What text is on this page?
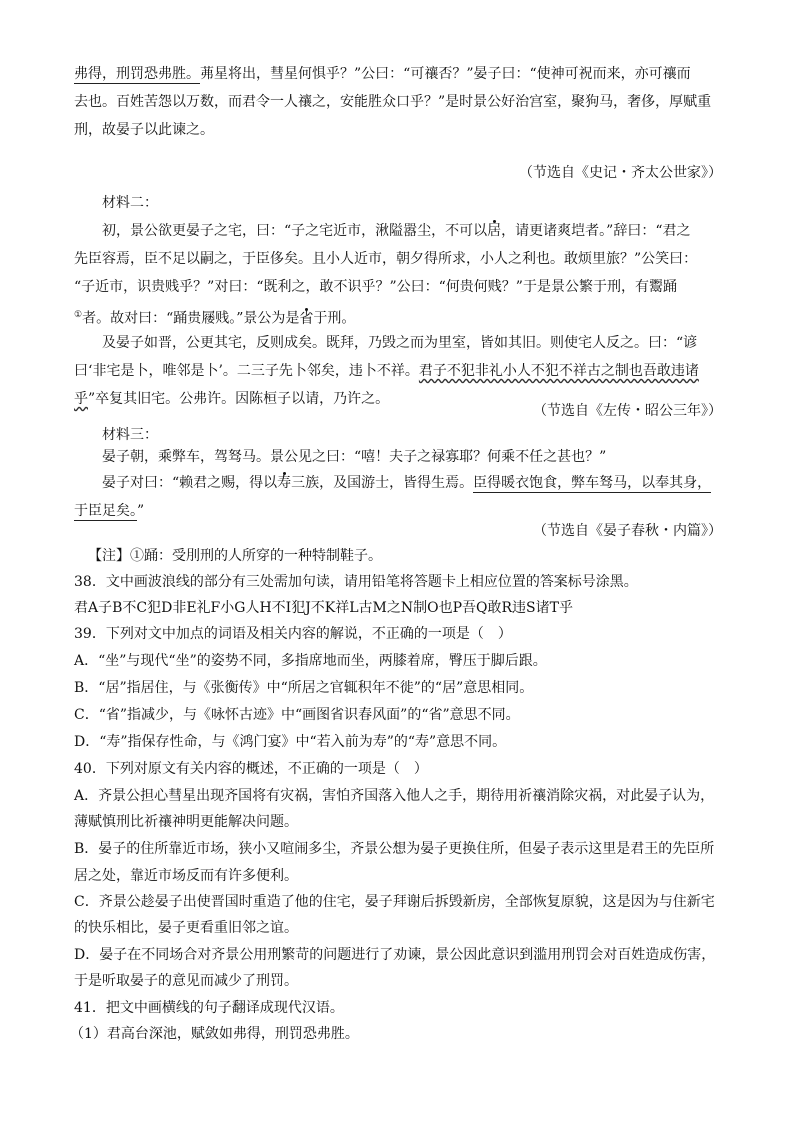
弗得，刑罚恐弗胜。茀星将出，彗星何惧乎？”公曰：“可禳否？”晏子曰：“使神可祝而来，亦可禳而
去也。百姓苦怨以万数，而君令一人禳之，安能胜众口乎？”是时景公好治宫室，聚狗马，奢侈，厚赋重
刑，故晏子以此谏之。
（节选自《史记・齐太公世家》）
材料二：
初，景公欲更晏子之宅，曰：“子之宅近市，湫隘嚣尘，不可以居，请更诸爽垲者。”辞曰：“君之
先臣容焉，臣不足以嗣之，于臣侈矣。且小人近市，朝夕得所求，小人之利也。敢烦里旅？”公笑曰：
“子近市，识贵贱乎？”对曰：“既利之，敢不识乎？”公曰：“何贵何贱？”于是景公繁于刑，有鬻踊
①者。故对曰：“踊贵屦贱。”景公为是省于刑。
及晏子如晋，公更其宅，反则成矣。既拜，乃毁之而为里室，皆如其旧。则使宅人反之。曰：“谚
曰‘非宅是卜，唯邻是卜’。二三子先卜邻矣，违卜不祥。君子不犯非礼小人不犯不祥古之制也吾敢违诸
乎”卒复其旧宅。公弗许。因陈桓子以请，乃许之。
（节选自《左传・昭公三年》）
材料三：
晏子朝，乘弊车，驾驽马。景公见之曰：“嘻！夫子之禄寡耶？何乘不任之甚也？”
晏子对曰：“赖君之赐，得以寿三族，及国游士，皆得生焉。臣得暖衣饱食，弊车驽马，以奉其身，
于臣足矣。”
（节选自《晏子春秋・内篇》）
【注】①踊：受刖刑的人所穿的一种特制鞋子。
38．文中画波浪线的部分有三处需加句读，请用铅笔将答题卡上相应位置的答案标号涂黑。
君A子B不C犯D非E礼F小G人H不I犯J不K祥L古M之N制O也P吾Q敢R违S诸T乎
39．下列对文中加点的词语及相关内容的解说，不正确的一项是（　）
A．“坐”与现代“坐”的姿势不同，多指席地而坐，两膝着席，臀压于脚后跟。
B．“居”指居住，与《张衡传》中“所居之官辄积年不徙”的“居”意思相同。
C．“省”指减少，与《咏怀古迹》中“画图省识春风面”的“省”意思不同。
D．“寿”指保存性命，与《鸿门宴》中“若入前为寿”的“寿”意思不同。
40．下列对原文有关内容的概述，不正确的一项是（　）
A．齐景公担心彗星出现齐国将有灾祸，害怕齐国落入他人之手，期待用祈禳消除灾祸，对此晏子认为，
薄赋慎刑比祈禳神明更能解决问题。
B．晏子的住所靠近市场，狭小又喧闹多尘，齐景公想为晏子更换住所，但晏子表示这里是君王的先臣所
居之处，靠近市场反而有许多便利。
C．齐景公趁晏子出使晋国时重造了他的住宅，晏子拜谢后拆毁新房，全部恢复原貌，这是因为与住新宅
的快乐相比，晏子更看重旧邻之谊。
D．晏子在不同场合对齐景公用刑繁苛的问题进行了劝谏，景公因此意识到滥用刑罚会对百姓造成伤害，
于是听取晏子的意见而减少了刑罚。
41．把文中画横线的句子翻译成现代汉语。
（1）君高台深池，赋敛如弗得，刑罚恐弗胜。
